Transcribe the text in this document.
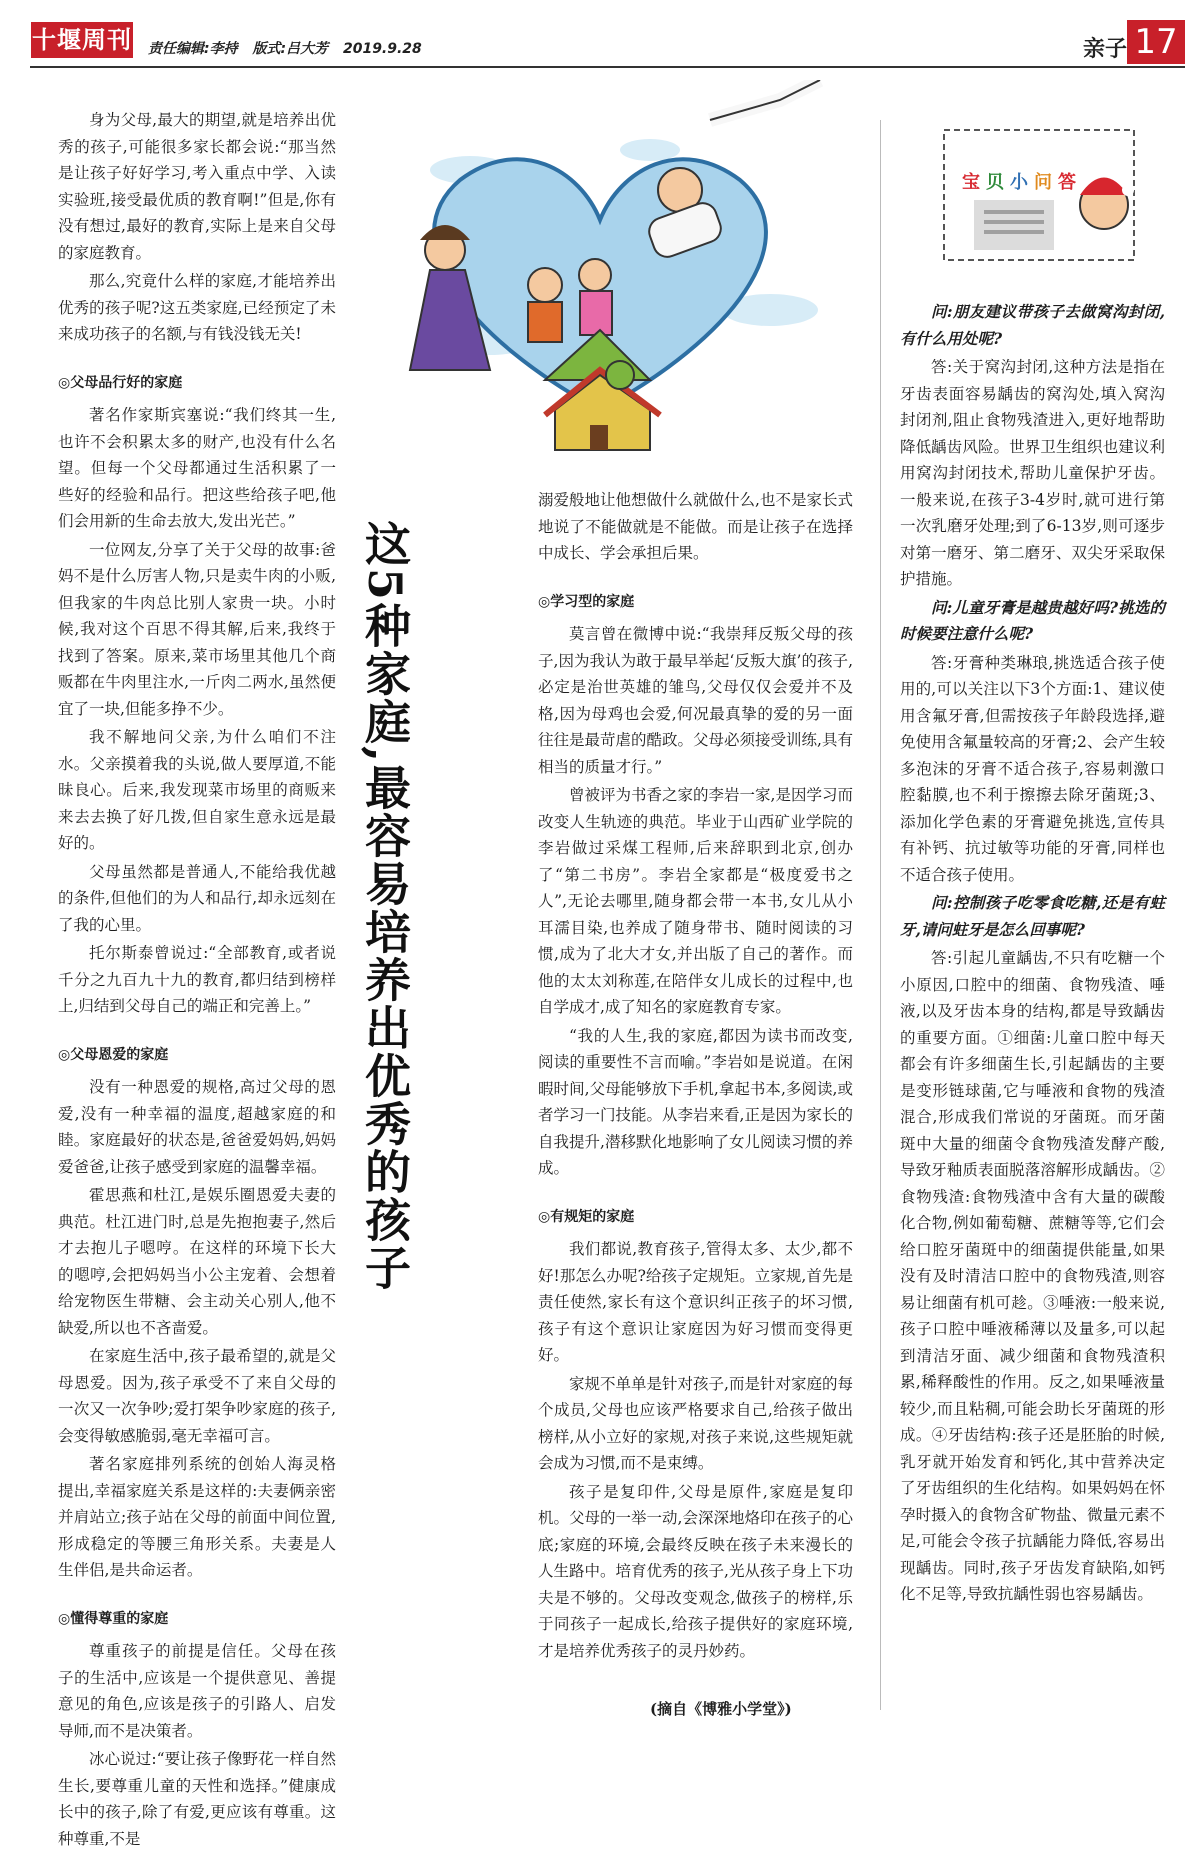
十堰周刊 责任编辑:李持 版式:吕大芳 2019.9.28	亲子 17
这5种家庭,最容易培养出优秀的孩子

身为父母,最大的期望,就是培养出优秀的孩子,可能很多家长都会说:“那当然是让孩子好好学习,考入重点中学、入读实验班,接受最优质的教育啊!”但是,你有没有想过,最好的教育,实际上是来自父母的家庭教育。

那么,究竟什么样的家庭,才能培养出优秀的孩子呢?这五类家庭,已经预定了未来成功孩子的名额,与有钱没钱无关!

◎父母品行好的家庭

著名作家斯宾塞说:“我们终其一生,也许不会积累太多的财产,也没有什么名望。但每一个父母都通过生活积累了一些好的经验和品行。把这些给孩子吧,他们会用新的生命去放大,发出光芒。”

一位网友,分享了关于父母的故事:爸妈不是什么厉害人物,只是卖牛肉的小贩,但我家的牛肉总比别人家贵一块。小时候,我对这个百思不得其解,后来,我终于找到了答案。原来,菜市场里其他几个商贩都在牛肉里注水,一斤肉二两水,虽然便宜了一块,但能多挣不少。

我不解地问父亲,为什么咱们不注水。父亲摸着我的头说,做人要厚道,不能昧良心。后来,我发现菜市场里的商贩来来去去换了好几拨,但自家生意永远是最好的。

父母虽然都是普通人,不能给我优越的条件,但他们的为人和品行,却永远刻在了我的心里。

托尔斯泰曾说过:“全部教育,或者说千分之九百九十九的教育,都归结到榜样上,归结到父母自己的端正和完善上。”

◎父母恩爱的家庭

没有一种恩爱的规格,高过父母的恩爱,没有一种幸福的温度,超越家庭的和睦。家庭最好的状态是,爸爸爱妈妈,妈妈爱爸爸,让孩子感受到家庭的温馨幸福。

霍思燕和杜江,是娱乐圈恩爱夫妻的典范。杜江进门时,总是先抱抱妻子,然后才去抱儿子嗯哼。在这样的环境下长大的嗯哼,会把妈妈当小公主宠着、会想着给宠物医生带糖、会主动关心别人,他不缺爱,所以也不吝啬爱。

在家庭生活中,孩子最希望的,就是父母恩爱。因为,孩子承受不了来自父母的一次又一次争吵;爱打架争吵家庭的孩子,会变得敏感脆弱,毫无幸福可言。

著名家庭排列系统的创始人海灵格提出,幸福家庭关系是这样的:夫妻俩亲密并肩站立;孩子站在父母的前面中间位置,形成稳定的等腰三角形关系。夫妻是人生伴侣,是共命运者。

◎懂得尊重的家庭

尊重孩子的前提是信任。父母在孩子的生活中,应该是一个提供意见、善提意见的角色,应该是孩子的引路人、启发导师,而不是决策者。

冰心说过:“要让孩子像野花一样自然生长,要尊重儿童的天性和选择。”健康成长中的孩子,除了有爱,更应该有尊重。这种尊重,不是

溺爱般地让他想做什么就做什么,也不是家长式地说了不能做就是不能做。而是让孩子在选择中成长、学会承担后果。

◎学习型的家庭

莫言曾在微博中说:“我崇拜反叛父母的孩子,因为我认为敢于最早举起‘反叛大旗’的孩子,必定是治世英雄的雏鸟,父母仅仅会爱并不及格,因为母鸡也会爱,何况最真挚的爱的另一面往往是最苛虐的酷政。父母必须接受训练,具有相当的质量才行。”

曾被评为书香之家的李岩一家,是因学习而改变人生轨迹的典范。毕业于山西矿业学院的李岩做过采煤工程师,后来辞职到北京,创办了“第二书房”。李岩全家都是“极度爱书之人”,无论去哪里,随身都会带一本书,女儿从小耳濡目染,也养成了随身带书、随时阅读的习惯,成为了北大才女,并出版了自己的著作。而他的太太刘称莲,在陪伴女儿成长的过程中,也自学成才,成了知名的家庭教育专家。

“我的人生,我的家庭,都因为读书而改变,阅读的重要性不言而喻。”李岩如是说道。在闲暇时间,父母能够放下手机,拿起书本,多阅读,或者学习一门技能。从李岩来看,正是因为家长的自我提升,潜移默化地影响了女儿阅读习惯的养成。

◎有规矩的家庭

我们都说,教育孩子,管得太多、太少,都不好!那怎么办呢?给孩子定规矩。立家规,首先是责任使然,家长有这个意识纠正孩子的坏习惯,孩子有这个意识让家庭因为好习惯而变得更好。

家规不单单是针对孩子,而是针对家庭的每个成员,父母也应该严格要求自己,给孩子做出榜样,从小立好的家规,对孩子来说,这些规矩就会成为习惯,而不是束缚。

孩子是复印件,父母是原件,家庭是复印机。父母的一举一动,会深深地烙印在孩子的心底;家庭的环境,会最终反映在孩子未来漫长的人生路中。培育优秀的孩子,光从孩子身上下功夫是不够的。父母改变观念,做孩子的榜样,乐于同孩子一起成长,给孩子提供好的家庭环境,才是培养优秀孩子的灵丹妙药。

宝贝小问答

问:朋友建议带孩子去做窝沟封闭,有什么用处呢?

答:关于窝沟封闭,这种方法是指在牙齿表面容易龋齿的窝沟处,填入窝沟封闭剂,阻止食物残渣进入,更好地帮助降低龋齿风险。世界卫生组织也建议利用窝沟封闭技术,帮助儿童保护牙齿。一般来说,在孩子3-4岁时,就可进行第一次乳磨牙处理;到了6-13岁,则可逐步对第一磨牙、第二磨牙、双尖牙采取保护措施。

问:儿童牙膏是越贵越好吗?挑选的时候要注意什么呢?

答:牙膏种类琳琅,挑选适合孩子使用的,可以关注以下3个方面:1、建议使用含氟牙膏,但需按孩子年龄段选择,避免使用含氟量较高的牙膏;2、会产生较多泡沫的牙膏不适合孩子,容易刺激口腔黏膜,也不利于擦擦去除牙菌斑;3、添加化学色素的牙膏避免挑选,宣传具有补钙、抗过敏等功能的牙膏,同样也不适合孩子使用。

问:控制孩子吃零食吃糖,还是有蛀牙,请问蛀牙是怎么回事呢?

答:引起儿童龋齿,不只有吃糖一个小原因,口腔中的细菌、食物残渣、唾液,以及牙齿本身的结构,都是导致龋齿的重要方面。①细菌:儿童口腔中每天都会有许多细菌生长,引起龋齿的主要是变形链球菌,它与唾液和食物的残渣混合,形成我们常说的牙菌斑。而牙菌斑中大量的细菌令食物残渣发酵产酸,导致牙釉质表面脱落溶解形成龋齿。②食物残渣:食物残渣中含有大量的碳酸化合物,例如葡萄糖、蔗糖等等,它们会给口腔牙菌斑中的细菌提供能量,如果没有及时清洁口腔中的食物残渣,则容易让细菌有机可趁。③唾液:一般来说,孩子口腔中唾液稀薄以及量多,可以起到清洁牙面、减少细菌和食物残渣积累,稀释酸性的作用。反之,如果唾液量较少,而且粘稠,可能会助长牙菌斑的形成。④牙齿结构:孩子还是胚胎的时候,乳牙就开始发育和钙化,其中营养决定了牙齿组织的生化结构。如果妈妈在怀孕时摄入的食物含矿物盐、微量元素不足,可能会令孩子抗龋能力降低,容易出现龋齿。同时,孩子牙齿发育缺陷,如钙化不足等,导致抗龋性弱也容易龋齿。

(摘自《博雅小学堂》)
